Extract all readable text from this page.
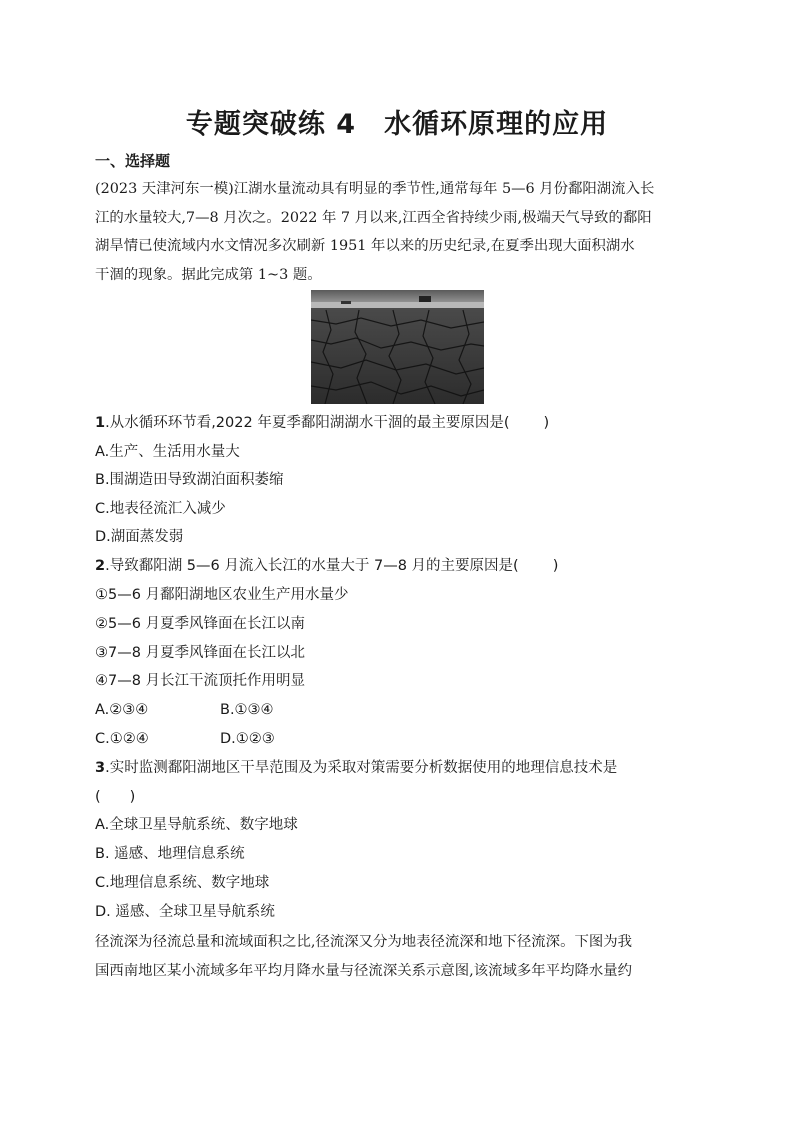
专题突破练 4　水循环原理的应用
一、选择题
(2023 天津河东一模)江湖水量流动具有明显的季节性,通常每年 5—6 月份鄱阳湖流入长
江的水量较大,7—8 月次之。2022 年 7 月以来,江西全省持续少雨,极端天气导致的鄱阳
湖旱情已使流域内水文情况多次刷新 1951 年以来的历史纪录,在夏季出现大面积湖水
干涸的现象。据此完成第 1~3 题。
1.从水循环环节看,2022 年夏季鄱阳湖湖水干涸的最主要原因是( )
A.生产、生活用水量大
B.围湖造田导致湖泊面积萎缩
C.地表径流汇入减少
D.湖面蒸发弱
2.导致鄱阳湖 5—6 月流入长江的水量大于 7—8 月的主要原因是( )
①5—6 月鄱阳湖地区农业生产用水量少
②5—6 月夏季风锋面在长江以南
③7—8 月夏季风锋面在长江以北
④7—8 月长江干流顶托作用明显
A.②③④	B.①③④
C.①②④	D.①②③
3.实时监测鄱阳湖地区干旱范围及为采取对策需要分析数据使用的地理信息技术是
(　　)
A.全球卫星导航系统、数字地球
B. 遥感、地理信息系统
C.地理信息系统、数字地球
D. 遥感、全球卫星导航系统
径流深为径流总量和流域面积之比,径流深又分为地表径流深和地下径流深。下图为我
国西南地区某小流域多年平均月降水量与径流深关系示意图,该流域多年平均降水量约
